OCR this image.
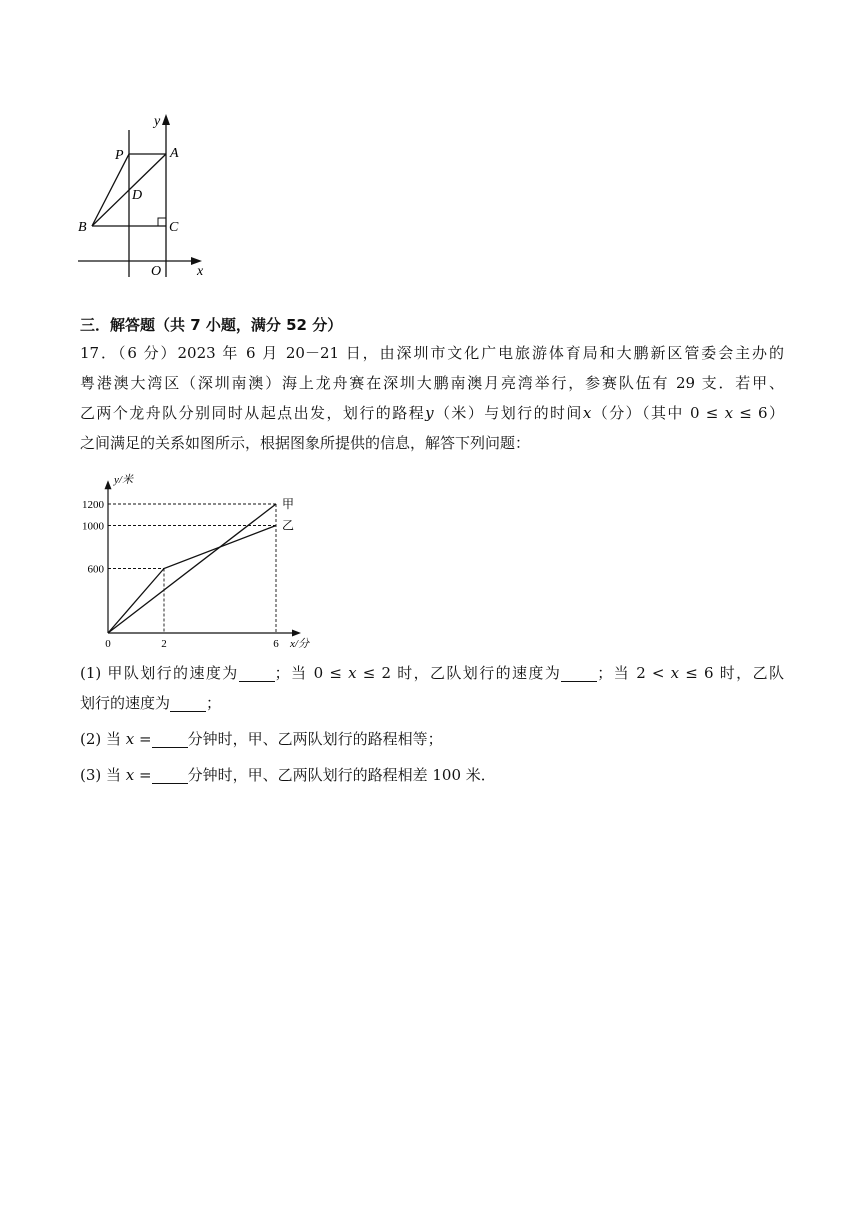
y
P	A
D
B	C
O	x
三．解答题（共 7 小题，满分 52 分）
17．（6 分）2023 年 6 月 20－21 日，由深圳市文化广电旅游体育局和大鹏新区管委会主办的
粤港澳大湾区（深圳南澳）海上龙舟赛在深圳大鹏南澳月亮湾举行，参赛队伍有 29 支．若甲、
乙两个龙舟队分别同时从起点出发，划行的路程y（米）与划行的时间x（分）（其中 0 ≤ x ≤ 6）
之间满足的关系如图所示，根据图象所提供的信息，解答下列问题：
甲
乙
600
1000
1200
0	2	6
y/米
x/分
(1) 甲队划行的速度为 ；当 0 ≤ x ≤ 2 时，乙队划行的速度为 ；当 2 < x ≤ 6 时，乙队
划行的速度为 ；
(2) 当 x = 分钟时，甲、乙两队划行的路程相等；
(3) 当 x = 分钟时，甲、乙两队划行的路程相差 100 米．
